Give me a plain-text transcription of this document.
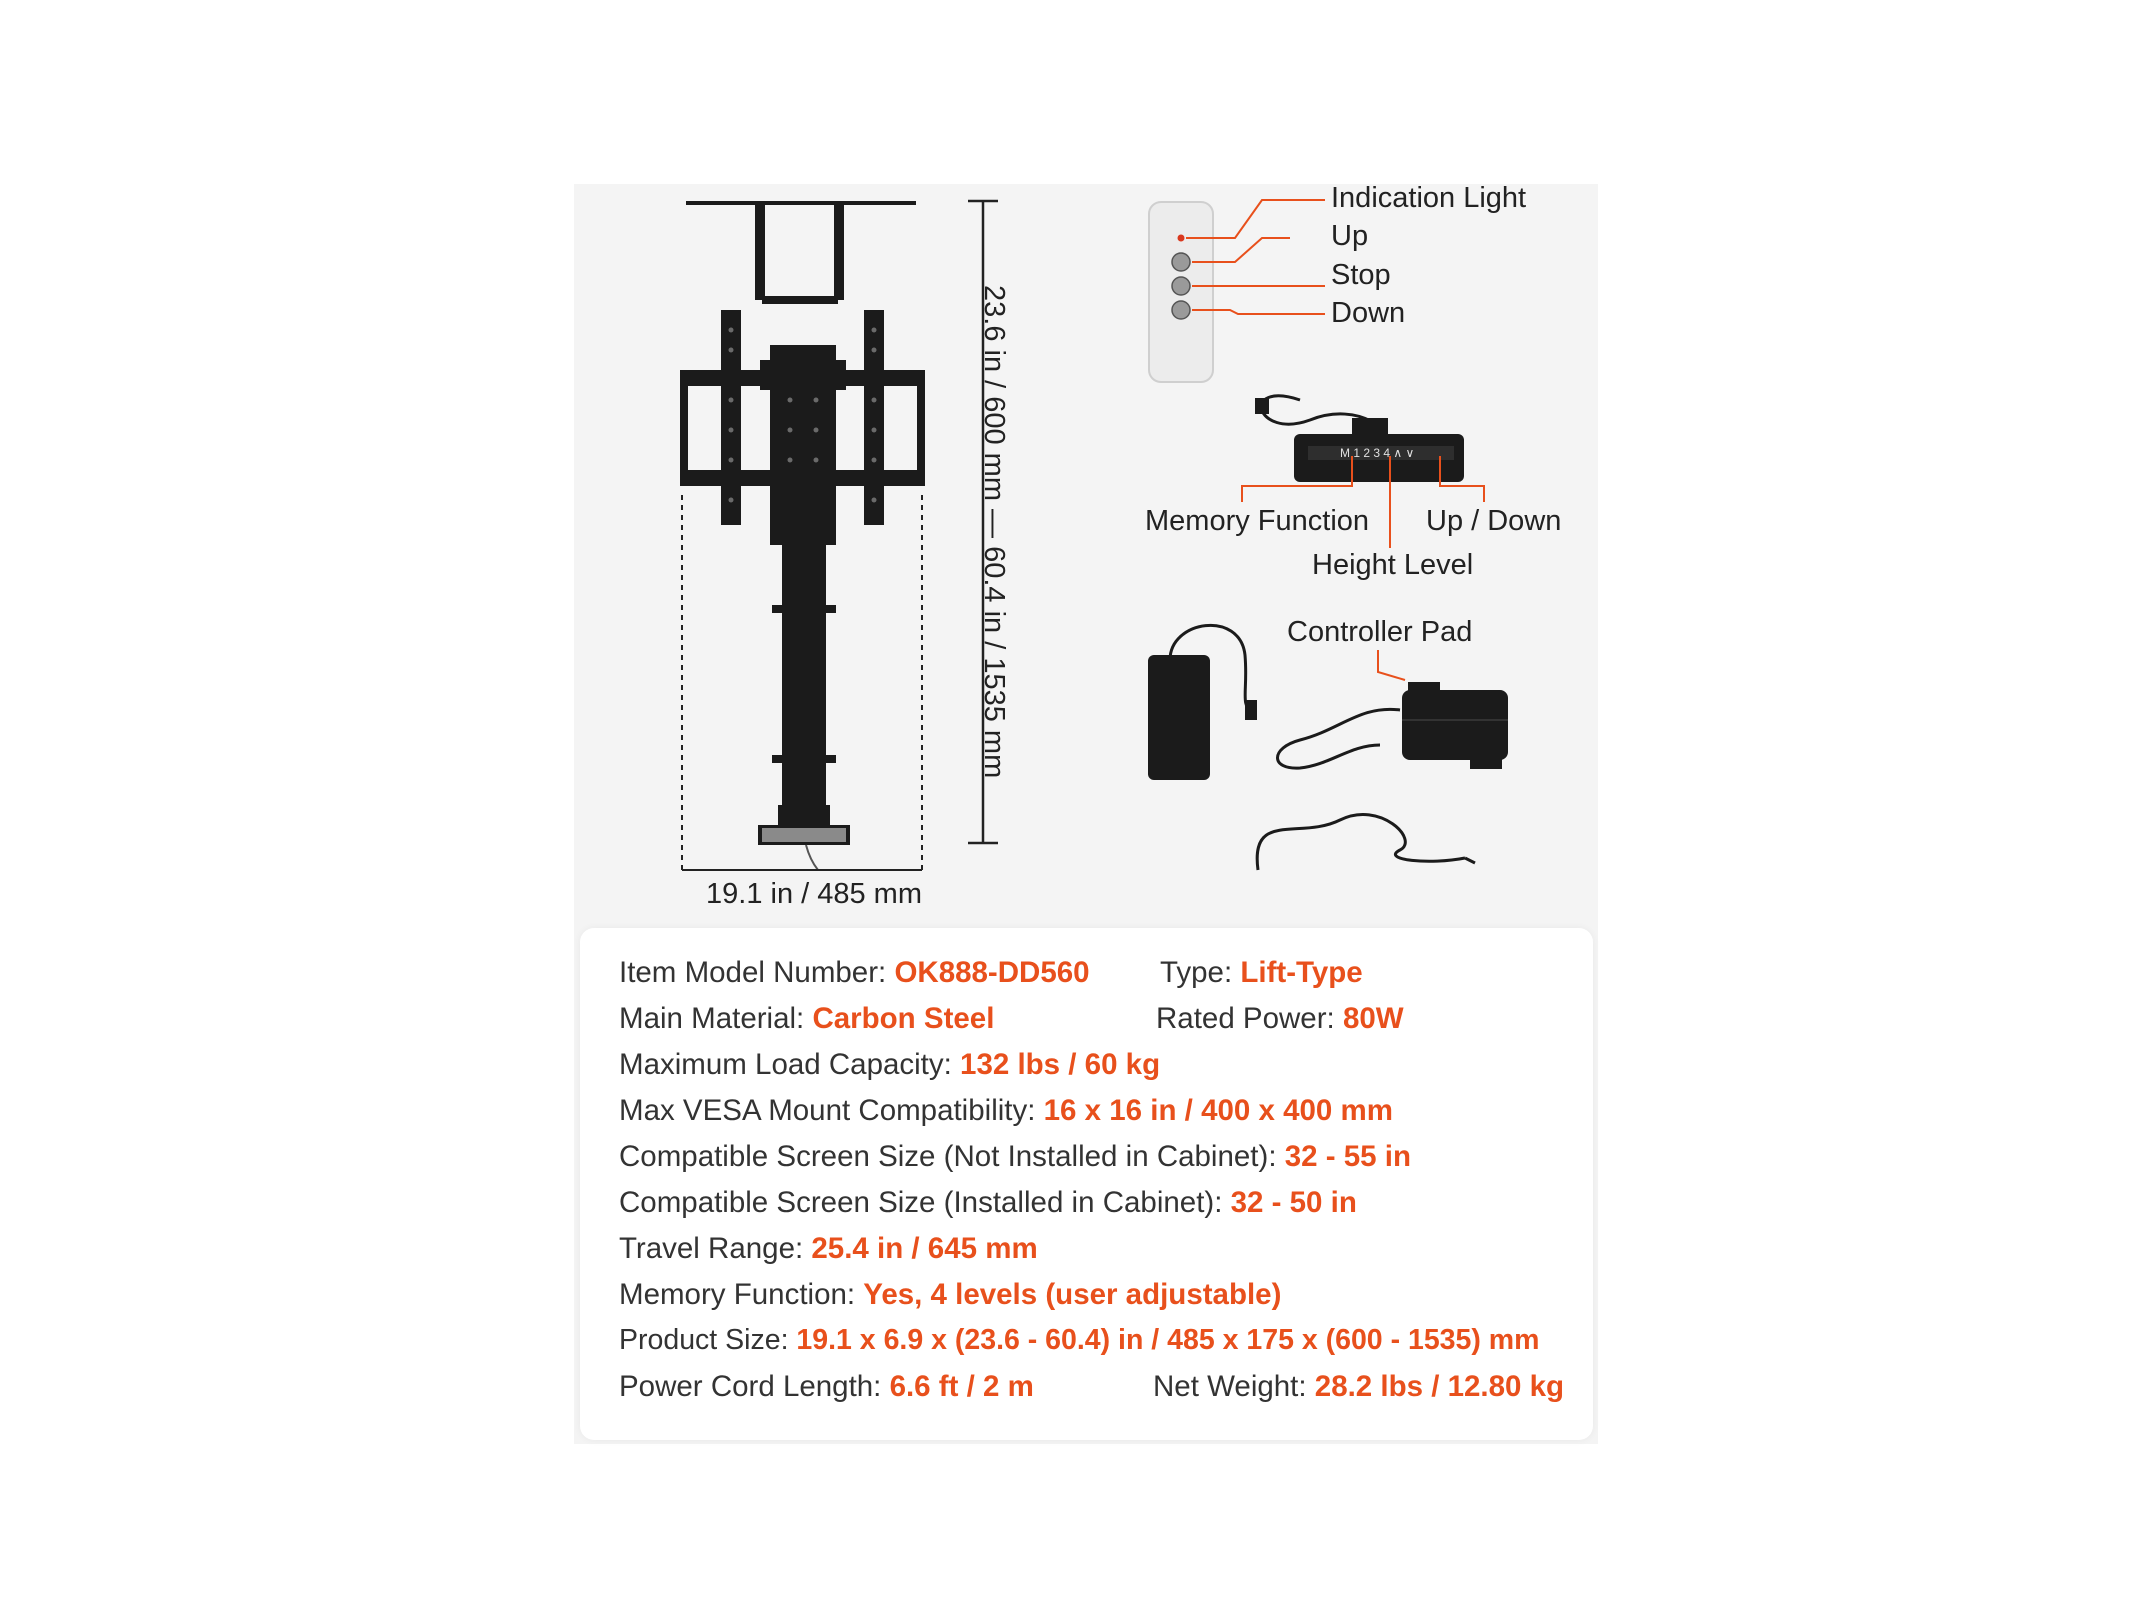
23.6 in / 600 mm — 60.4 in / 1535 mm
19.1 in / 485 mm
Indication Light
Up
Stop
Down
M 1 2 3 4 ∧ ∨
Memory Function Up / Down
Height Level
Controller Pad
Item Model Number: OK888-DD560 Type: Lift-Type
Main Material: Carbon Steel	Rated Power: 80W
Maximum Load Capacity: 132 lbs / 60 kg
Max VESA Mount Compatibility: 16 x 16 in / 400 x 400 mm
Compatible Screen Size (Not Installed in Cabinet): 32 - 55 in
Compatible Screen Size (Installed in Cabinet): 32 - 50 in
Travel Range: 25.4 in / 645 mm
Memory Function: Yes, 4 levels (user adjustable)
Product Size: 19.1 x 6.9 x (23.6 - 60.4) in / 485 x 175 x (600 - 1535) mm
Power Cord Length: 6.6 ft / 2 m	Net Weight: 28.2 lbs / 12.80 kg
